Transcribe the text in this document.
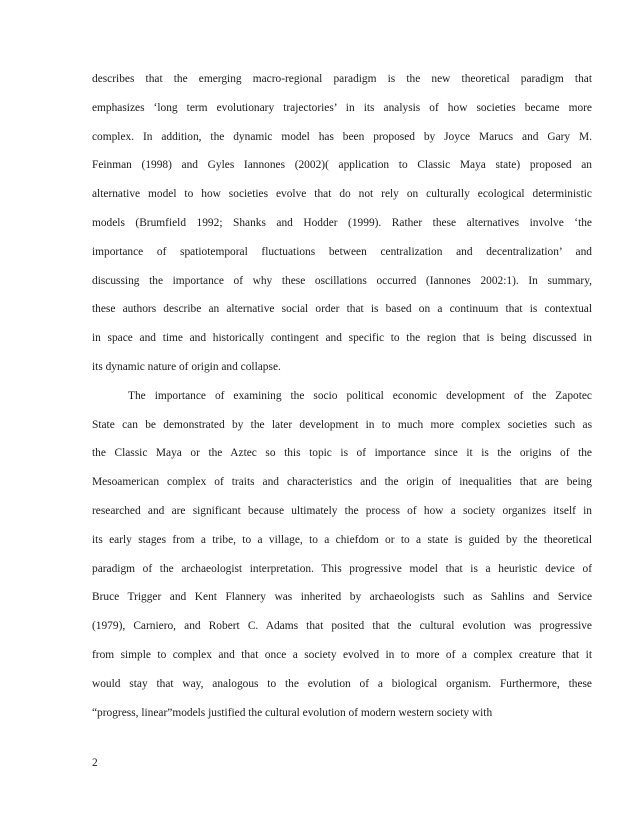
describes that the emerging macro-regional paradigm is the new theoretical paradigm that
emphasizes ‘long term evolutionary trajectories’ in its analysis of how societies became more
complex. In addition, the dynamic model has been proposed by Joyce Marucs and Gary M.
Feinman (1998) and Gyles Iannones (2002)( application to Classic Maya state) proposed an
alternative model to how societies evolve that do not rely on culturally ecological deterministic
models (Brumfield 1992; Shanks and Hodder (1999). Rather these alternatives involve ‘the
importance of spatiotemporal fluctuations between centralization and decentralization’ and
discussing the importance of why these oscillations occurred (Iannones 2002:1). In summary,
these authors describe an alternative social order that is based on a continuum that is contextual
in space and time and historically contingent and specific to the region that is being discussed in
its dynamic nature of origin and collapse.
The importance of examining the socio political economic development of the Zapotec
State can be demonstrated by the later development in to much more complex societies such as
the Classic Maya or the Aztec so this topic is of importance since it is the origins of the
Mesoamerican complex of traits and characteristics and the origin of inequalities that are being
researched and are significant because ultimately the process of how a society organizes itself in
its early stages from a tribe, to a village, to a chiefdom or to a state is guided by the theoretical
paradigm of the archaeologist interpretation. This progressive model that is a heuristic device of
Bruce Trigger and Kent Flannery was inherited by archaeologists such as Sahlins and Service
(1979), Carniero, and Robert C. Adams that posited that the cultural evolution was progressive
from simple to complex and that once a society evolved in to more of a complex creature that it
would stay that way, analogous to the evolution of a biological organism. Furthermore, these
“progress, linear”models justified the cultural evolution of modern western society with
2
